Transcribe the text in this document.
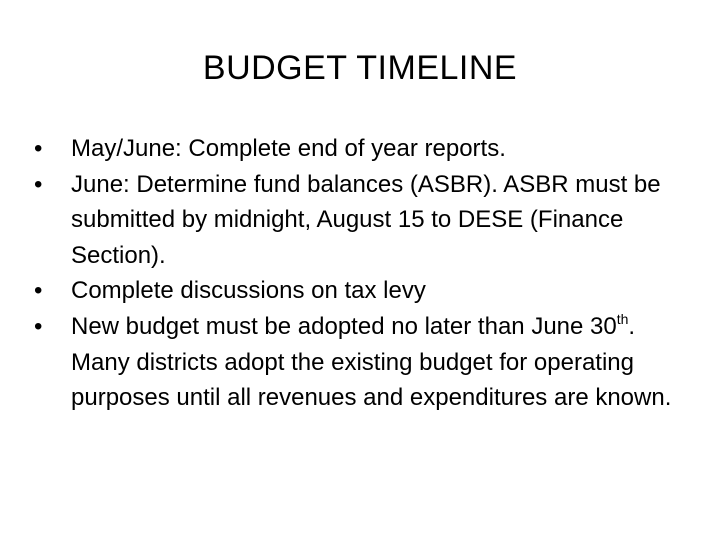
BUDGET TIMELINE
•	May/June: Complete end of year reports.
•	June: Determine fund balances (ASBR). ASBR must be submitted by midnight, August 15 to DESE (Finance Section).
•	Complete discussions on tax levy
•	New budget must be adopted no later than June 30th. Many districts adopt the existing budget for operating purposes until all revenues and expenditures are known.
